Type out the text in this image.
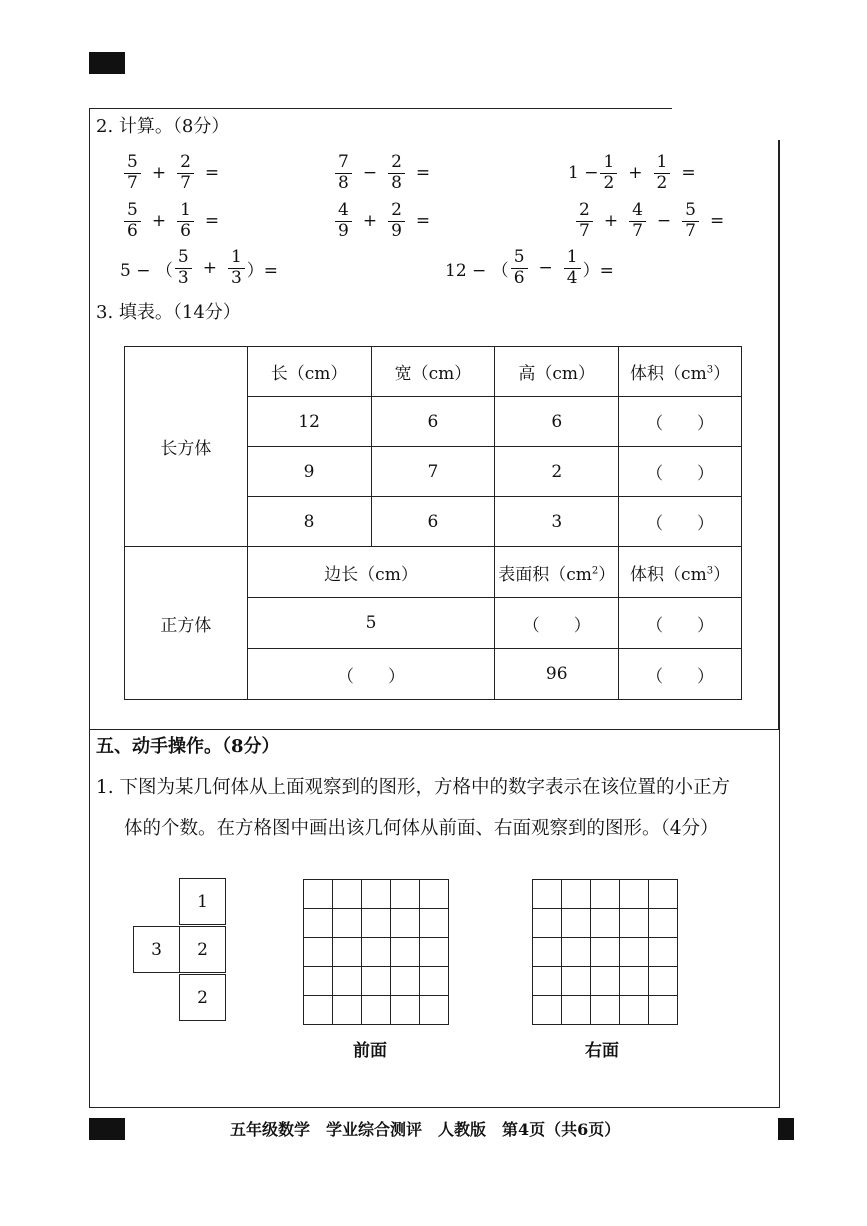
2. 计算。（8分）
$\frac{5}{7} + \frac{2}{7}$ =	$\frac{7}{8} - \frac{2}{8}$ =	$1 - \frac{1}{2} + \frac{1}{2}$ =
$\frac{5}{6} + \frac{1}{6}$ =	$\frac{4}{9} + \frac{2}{9}$ =	$\frac{2}{7} + \frac{4}{7} - \frac{5}{7}$ =
5 − （ $\frac{5}{3} + \frac{1}{3}$ ）=	12 − （ $\frac{5}{6} - \frac{1}{4}$ ）=
3. 填表。（14分）
长方体	长（cm）	宽（cm）	高（cm）	体积$(cm^3)$
	12	6	6	（　　）
	9	7	2	（　　）
	8	6	3	（　　）
正方体	边长（cm）		表面积$(cm^2)$	体积$(cm^3)$
	5		（　　）	（　　）
	（　　）		96	（　　）
五、动手操作。（8分）
1. 下图为某几何体从上面观察到的图形，方格中的数字表示在该位置的小正方
体的个数。在方格图中画出该几何体从前面、右面观察到的图形。（4分）
1
3	2
2
前面	右面
五年级数学　学业综合测评　人教版　第4页（共6页）
